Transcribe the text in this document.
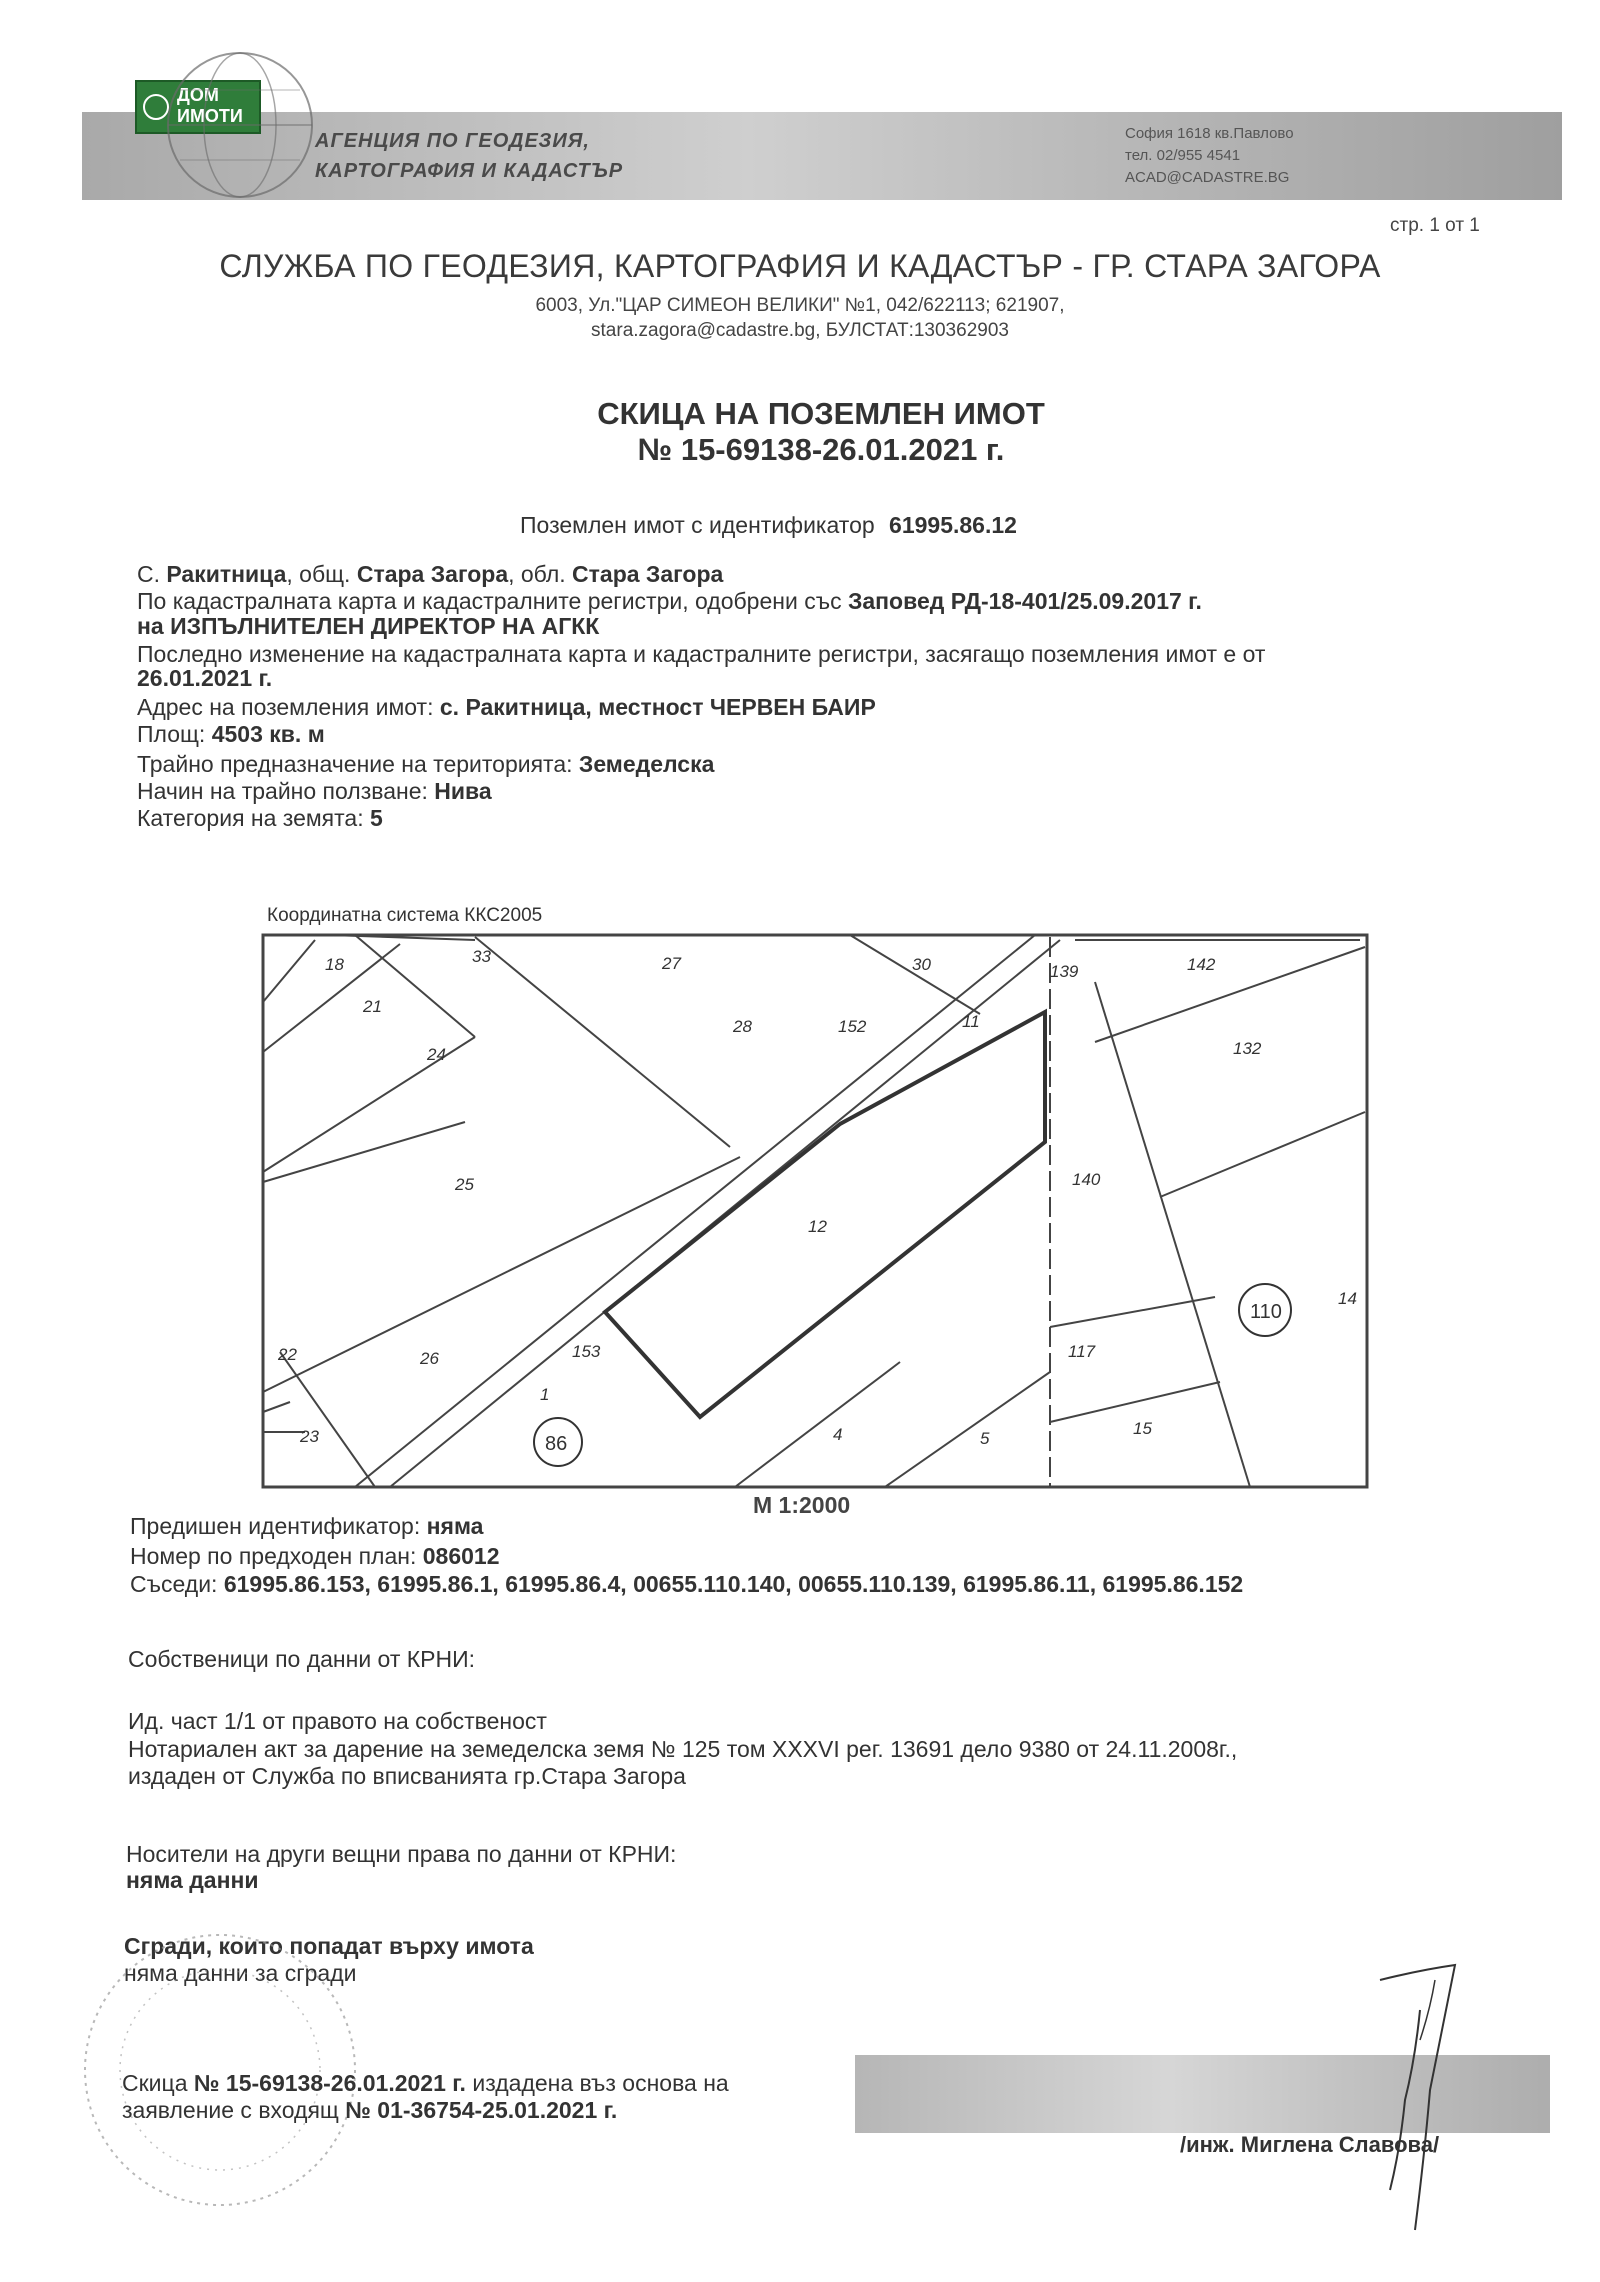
ДОМ
ИМОТИ
АГЕНЦИЯ ПО ГЕОДЕЗИЯ,
КАРТОГРАФИЯ И КАДАСТЪР
София 1618 кв.Павлово
тел. 02/955 4541
ACAD@CADASTRE.BG
стр. 1 от 1
СЛУЖБА ПО ГЕОДЕЗИЯ, КАРТОГРАФИЯ И КАДАСТЪР - ГР. СТАРА ЗАГОРА
6003, Ул."ЦАР СИМЕОН ВЕЛИКИ" №1, 042/622113; 621907,
stara.zagora@cadastre.bg, БУЛСТАТ:130362903
СКИЦА НА ПОЗЕМЛЕН ИМОТ
№ 15-69138-26.01.2021 г.
Поземлен имот с идентификатор 61995.86.12
С. Ракитница, общ. Стара Загора, обл. Стара Загора
По кадастралната карта и кадастралните регистри, одобрени със Заповед РД-18-401/25.09.2017 г.
на ИЗПЪЛНИТЕЛЕН ДИРЕКТОР НА АГКК
Последно изменение на кадастралната карта и кадастралните регистри, засягащо поземления имот е от
26.01.2021 г.
Адрес на поземления имот: с. Ракитница, местност ЧЕРВЕН БАИР
Площ: 4503 кв. м
Трайно предназначение на територията: Земеделска
Начин на трайно ползване: Нива
Категория на земята: 5
Координатна система ККС2005
18	33	27	30	139	142
21
28	152	11
24	132
25
12
140
110
14
22	26	153	117
1
86
23	4	5
15
М 1:2000
Предишен идентификатор: няма
Номер по предходен план: 086012
Съседи: 61995.86.153, 61995.86.1, 61995.86.4, 00655.110.140, 00655.110.139, 61995.86.11, 61995.86.152
Собственици по данни от КРНИ:
Ид. част 1/1 от правото на собственост
Нотариален акт за дарение на земеделска земя № 125 том XXXVI рег. 13691 дело 9380 от 24.11.2008г.,
издаден от Служба по вписванията гр.Стара Загора
Носители на други вещни права по данни от КРНИ:
няма данни
Сгради, които попадат върху имота
няма данни за сгради
Скица № 15-69138-26.01.2021 г. издадена въз основа на
заявление с входящ № 01-36754-25.01.2021 г.
/инж. Миглена Славова/
